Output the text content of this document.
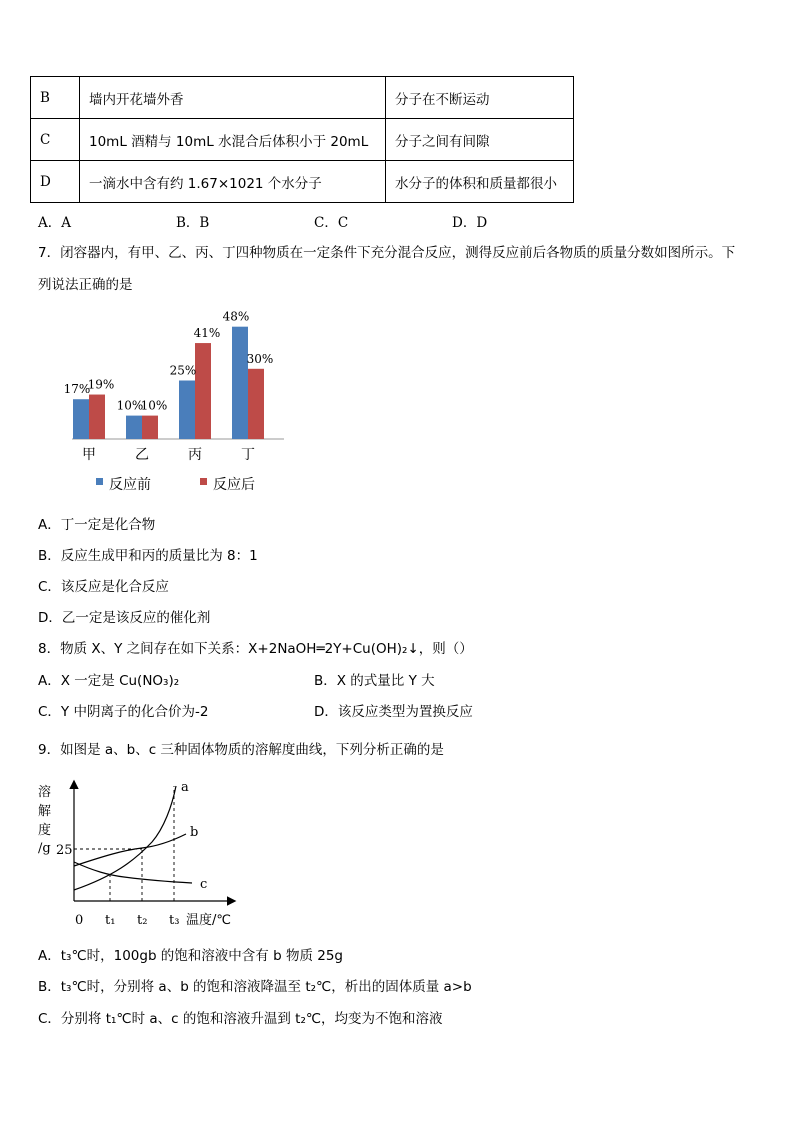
B	墙内开花墙外香	分子在不断运动
C	10mL 酒精与 10mL 水混合后体积小于 20mL	分子之间有间隙
D	一滴水中含有约 1.67×1021 个水分子	水分子的体积和质量都很小
A．A	B．B	C．C	D．D
7．闭容器内，有甲、乙、丙、丁四种物质在一定条件下充分混合反应，测得反应前后各物质的质量分数如图所示。下
列说法正确的是
17%
19%
10%
10%
25%
41%
48%
30%
甲	乙	丙	丁
反应前	反应后
A．丁一定是化合物
B．反应生成甲和丙的质量比为 8：1
C．该反应是化合反应
D．乙一定是该反应的催化剂
8．物质 X、Y 之间存在如下关系：X+2NaOH═2Y+Cu(OH)₂↓，则（）
A．X 一定是 Cu(NO₃)₂	B．X 的式量比 Y 大
C．Y 中阴离子的化合价为-2	D．该反应类型为置换反应
9．如图是 a、b、c 三种固体物质的溶解度曲线，下列分析正确的是
溶
解
度
/g 25
a
b
c
0 t₁ t₂ t₃ 温度/℃
A．t₃℃时，100gb 的饱和溶液中含有 b 物质 25g
B．t₃℃时，分别将 a、b 的饱和溶液降温至 t₂℃，析出的固体质量 a>b
C．分别将 t₁℃时 a、c 的饱和溶液升温到 t₂℃，均变为不饱和溶液
